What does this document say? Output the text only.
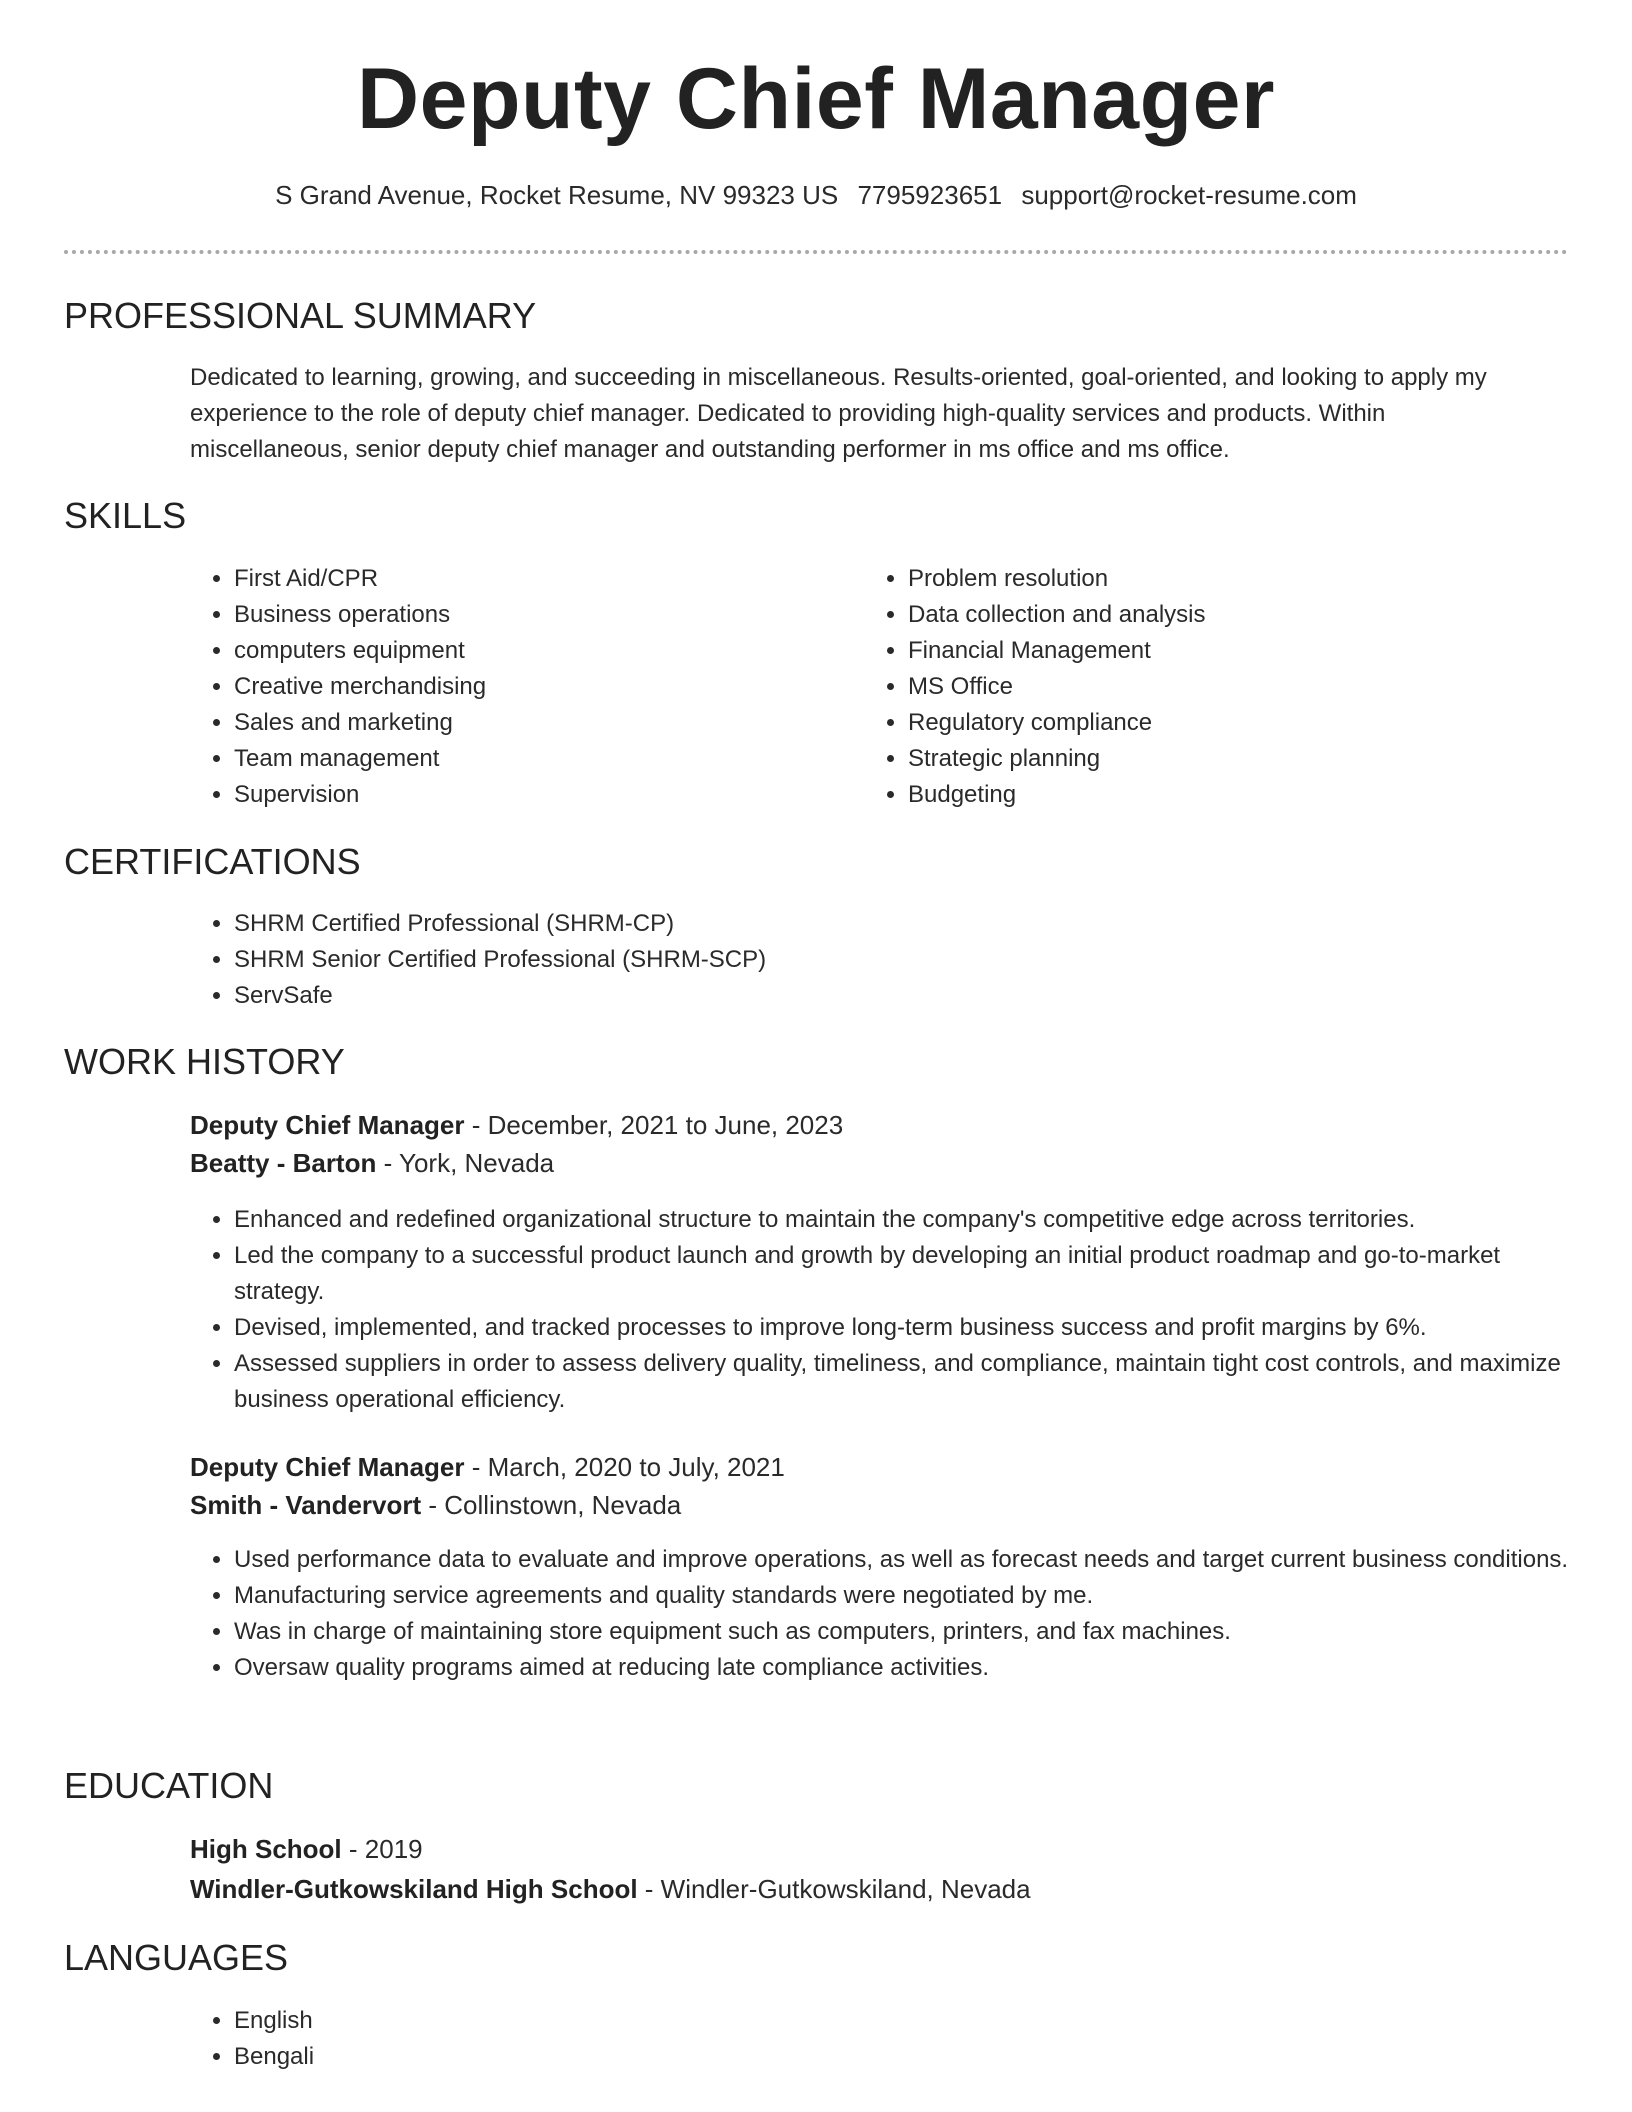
Deputy Chief Manager
S Grand Avenue, Rocket Resume, NV 99323 US 7795923651 support@rocket-resume.com
PROFESSIONAL SUMMARY

Dedicated to learning, growing, and succeeding in miscellaneous. Results-oriented, goal-oriented, and looking to apply my experience to the role of deputy chief manager. Dedicated to providing high-quality services and products. Within miscellaneous, senior deputy chief manager and outstanding performer in ms office and ms office.

SKILLS
• First Aid/CPR
• Business operations
• computers equipment
• Creative merchandising
• Sales and marketing
• Team management
• Supervision
• Problem resolution
• Data collection and analysis
• Financial Management
• MS Office
• Regulatory compliance
• Strategic planning
• Budgeting
CERTIFICATIONS
• SHRM Certified Professional (SHRM-CP)
• SHRM Senior Certified Professional (SHRM-SCP)
• ServSafe
WORK HISTORY
Deputy Chief Manager - December, 2021 to June, 2023
Beatty - Barton - York, Nevada
• Enhanced and redefined organizational structure to maintain the company's competitive edge across territories.
• Led the company to a successful product launch and growth by developing an initial product roadmap and go-to-market strategy.
• Devised, implemented, and tracked processes to improve long-term business success and profit margins by 6%.
• Assessed suppliers in order to assess delivery quality, timeliness, and compliance, maintain tight cost controls, and maximize business operational efficiency.
Deputy Chief Manager - March, 2020 to July, 2021
Smith - Vandervort - Collinstown, Nevada
• Used performance data to evaluate and improve operations, as well as forecast needs and target current business conditions.
• Manufacturing service agreements and quality standards were negotiated by me.
• Was in charge of maintaining store equipment such as computers, printers, and fax machines.
• Oversaw quality programs aimed at reducing late compliance activities.
EDUCATION
High School - 2019
Windler-Gutkowskiland High School - Windler-Gutkowskiland, Nevada
LANGUAGES
• English
• Bengali
